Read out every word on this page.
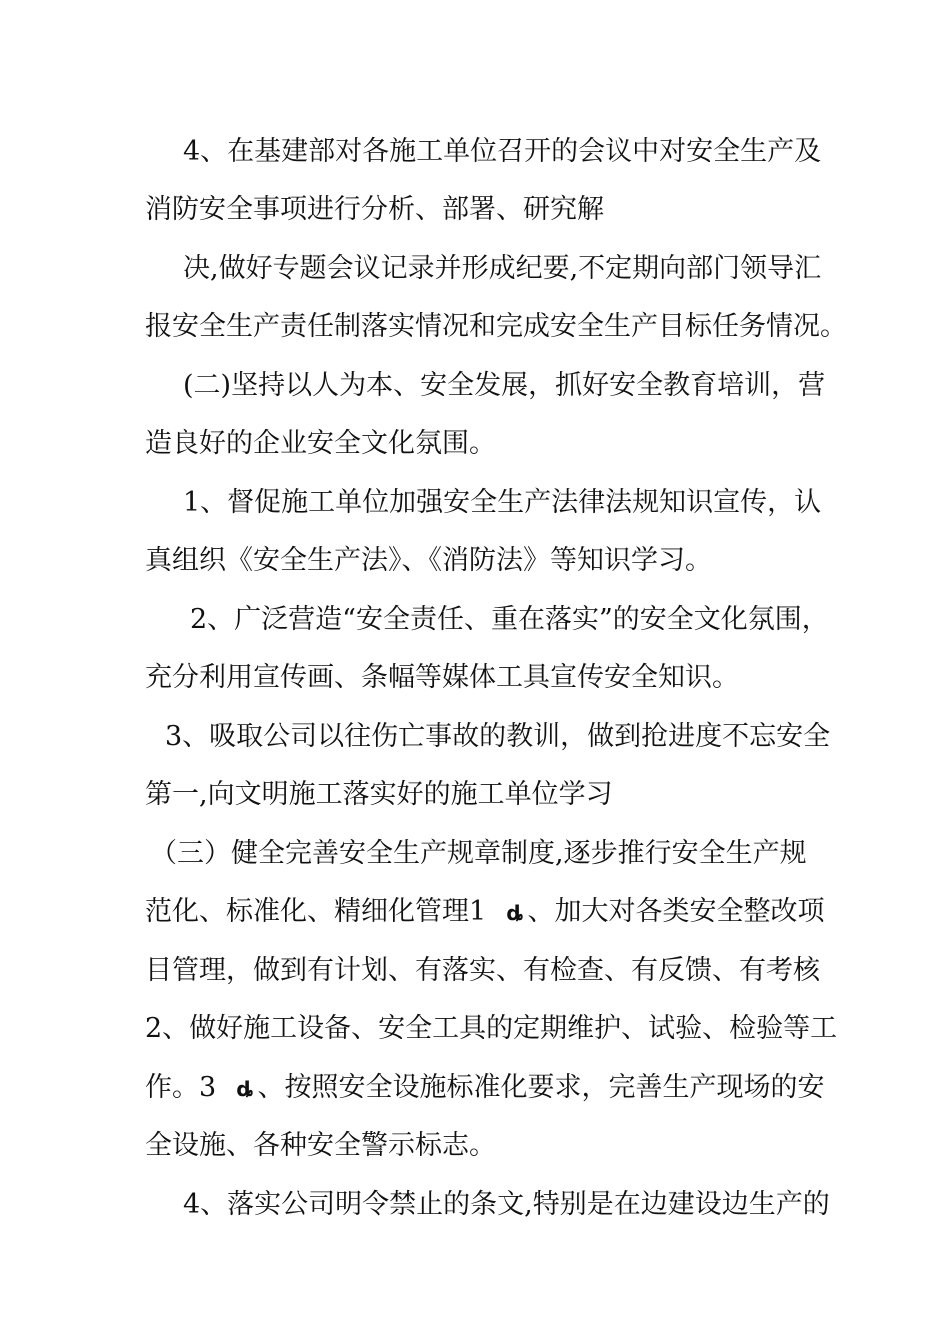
4、在基建部对各施工单位召开的会议中对安全生产及
消防安全事项进行分析、部署、研究解
决,做好专题会议记录并形成纪要,不定期向部门领导汇
报安全生产责任制落实情况和完成安全生产目标任务情况。
(二)坚持以人为本、安全发展，抓好安全教育培训，营
造良好的企业安全文化氛围。
1、督促施工单位加强安全生产法律法规知识宣传，认
真组织《安全生产法》、《消防法》等知识学习。
2、广泛营造“安全责任、重在落实”的安全文化氛围，
充分利用宣传画、条幅等媒体工具宣传安全知识。
3、吸取公司以往伤亡事故的教训，做到抢进度不忘安全
第一,向文明施工落实好的施工单位学习
（三）健全完善安全生产规章制度,逐步推行安全生产规
范化、标准化、精细化管理1 ȡ 、加大对各类安全整改项
目管理，做到有计划、有落实、有检查、有反馈、有考核
2、做好施工设备、安全工具的定期维护、试验、检验等工
作。3 ȡ 、按照安全设施标准化要求，完善生产现场的安
全设施、各种安全警示标志。
4、落实公司明令禁止的条文,特别是在边建设边生产的
